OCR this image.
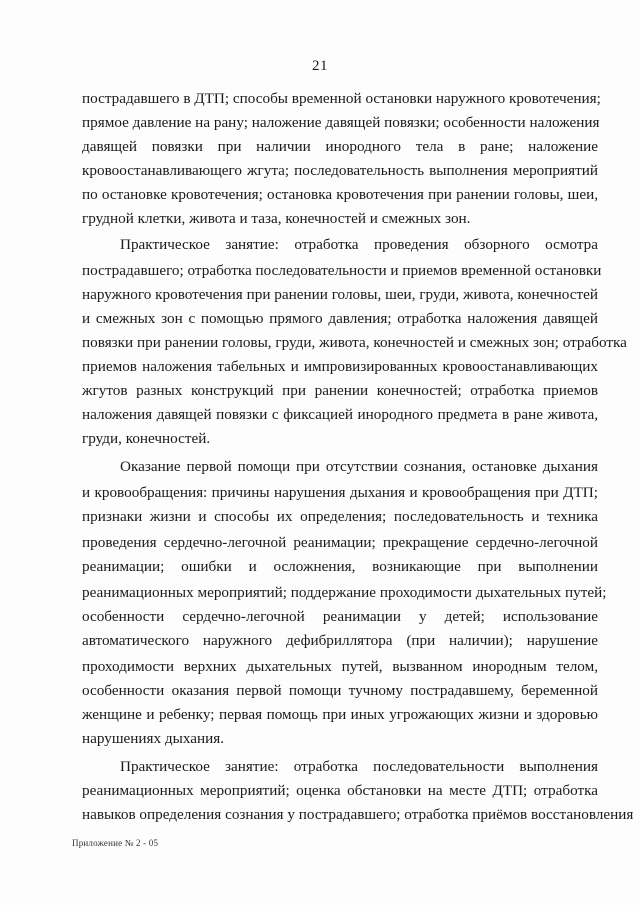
21
пострадавшего в ДТП; способы временной остановки наружного кровотечения;
прямое давление на рану; наложение давящей повязки; особенности наложения
давящей повязки при наличии инородного тела в ране; наложение
кровоостанавливающего жгута; последовательность выполнения мероприятий
по остановке кровотечения; остановка кровотечения при ранении головы, шеи,
грудной клетки, живота и таза, конечностей и смежных зон.
Практическое занятие: отработка проведения обзорного осмотра
пострадавшего; отработка последовательности и приемов временной остановки
наружного кровотечения при ранении головы, шеи, груди, живота, конечностей
и смежных зон с помощью прямого давления; отработка наложения давящей
повязки при ранении головы, груди, живота, конечностей и смежных зон; отработка
приемов наложения табельных и импровизированных кровоостанавливающих
жгутов разных конструкций при ранении конечностей; отработка приемов
наложения давящей повязки с фиксацией инородного предмета в ране живота,
груди, конечностей.
Оказание первой помощи при отсутствии сознания, остановке дыхания
и кровообращения: причины нарушения дыхания и кровообращения при ДТП;
признаки жизни и способы их определения; последовательность и техника
проведения сердечно-легочной реанимации; прекращение сердечно-легочной
реанимации; ошибки и осложнения, возникающие при выполнении
реанимационных мероприятий; поддержание проходимости дыхательных путей;
особенности сердечно-легочной реанимации у детей; использование
автоматического наружного дефибриллятора (при наличии); нарушение
проходимости верхних дыхательных путей, вызванном инородным телом,
особенности оказания первой помощи тучному пострадавшему, беременной
женщине и ребенку; первая помощь при иных угрожающих жизни и здоровью
нарушениях дыхания.
Практическое занятие: отработка последовательности выполнения
реанимационных мероприятий; оценка обстановки на месте ДТП; отработка
навыков определения сознания у пострадавшего; отработка приёмов восстановления
Приложение № 2 - 05
